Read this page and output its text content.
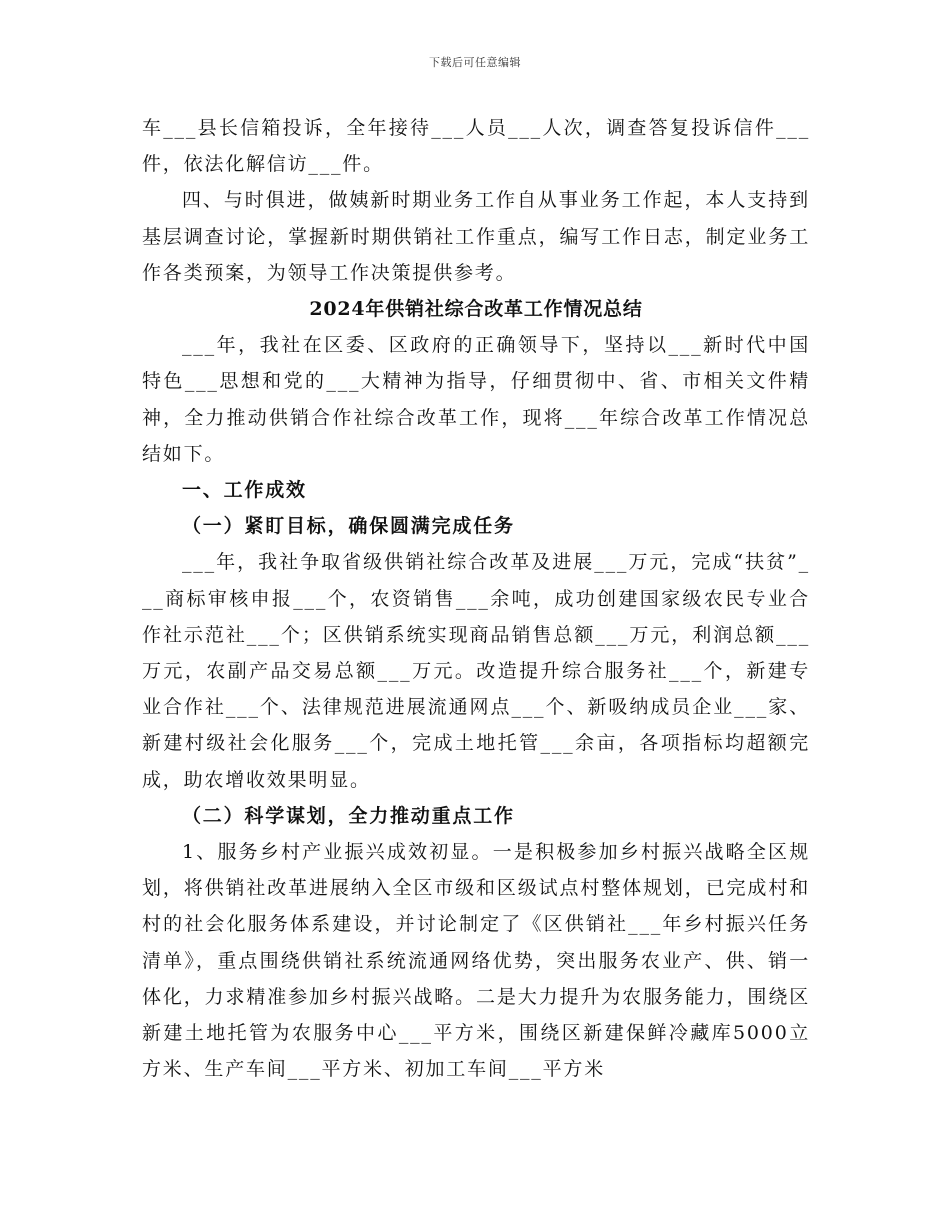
下载后可任意编辑

车___县长信箱投诉，全年接待___人员___人次，调查答复投诉信件___件，依法化解信访___件。

四、与时俱进，做姨新时期业务工作自从事业务工作起，本人支持到基层调查讨论，掌握新时期供销社工作重点，编写工作日志，制定业务工作各类预案，为领导工作决策提供参考。

2024年供销社综合改革工作情况总结

___年，我社在区委、区政府的正确领导下，坚持以___新时代中国特色___思想和党的___大精神为指导，仔细贯彻中、省、市相关文件精神，全力推动供销合作社综合改革工作，现将___年综合改革工作情况总结如下。

一、工作成效

（一）紧盯目标，确保圆满完成任务

___年，我社争取省级供销社综合改革及进展___万元，完成“扶贫”___商标审核申报___个，农资销售___余吨，成功创建国家级农民专业合作社示范社___个；区供销系统实现商品销售总额___万元，利润总额___万元，农副产品交易总额___万元。改造提升综合服务社___个，新建专业合作社___个、法律规范进展流通网点___个、新吸纳成员企业___家、新建村级社会化服务___个，完成土地托管___余亩，各项指标均超额完成，助农增收效果明显。

（二）科学谋划，全力推动重点工作

1、服务乡村产业振兴成效初显。一是积极参加乡村振兴战略全区规划，将供销社改革进展纳入全区市级和区级试点村整体规划，已完成村和村的社会化服务体系建设，并讨论制定了《区供销社___年乡村振兴任务清单》，重点围绕供销社系统流通网络优势，突出服务农业产、供、销一体化，力求精准参加乡村振兴战略。二是大力提升为农服务能力，围绕区新建土地托管为农服务中心___平方米，围绕区新建保鲜冷藏库5000立方米、生产车间___平方米、初加工车间___平方米
